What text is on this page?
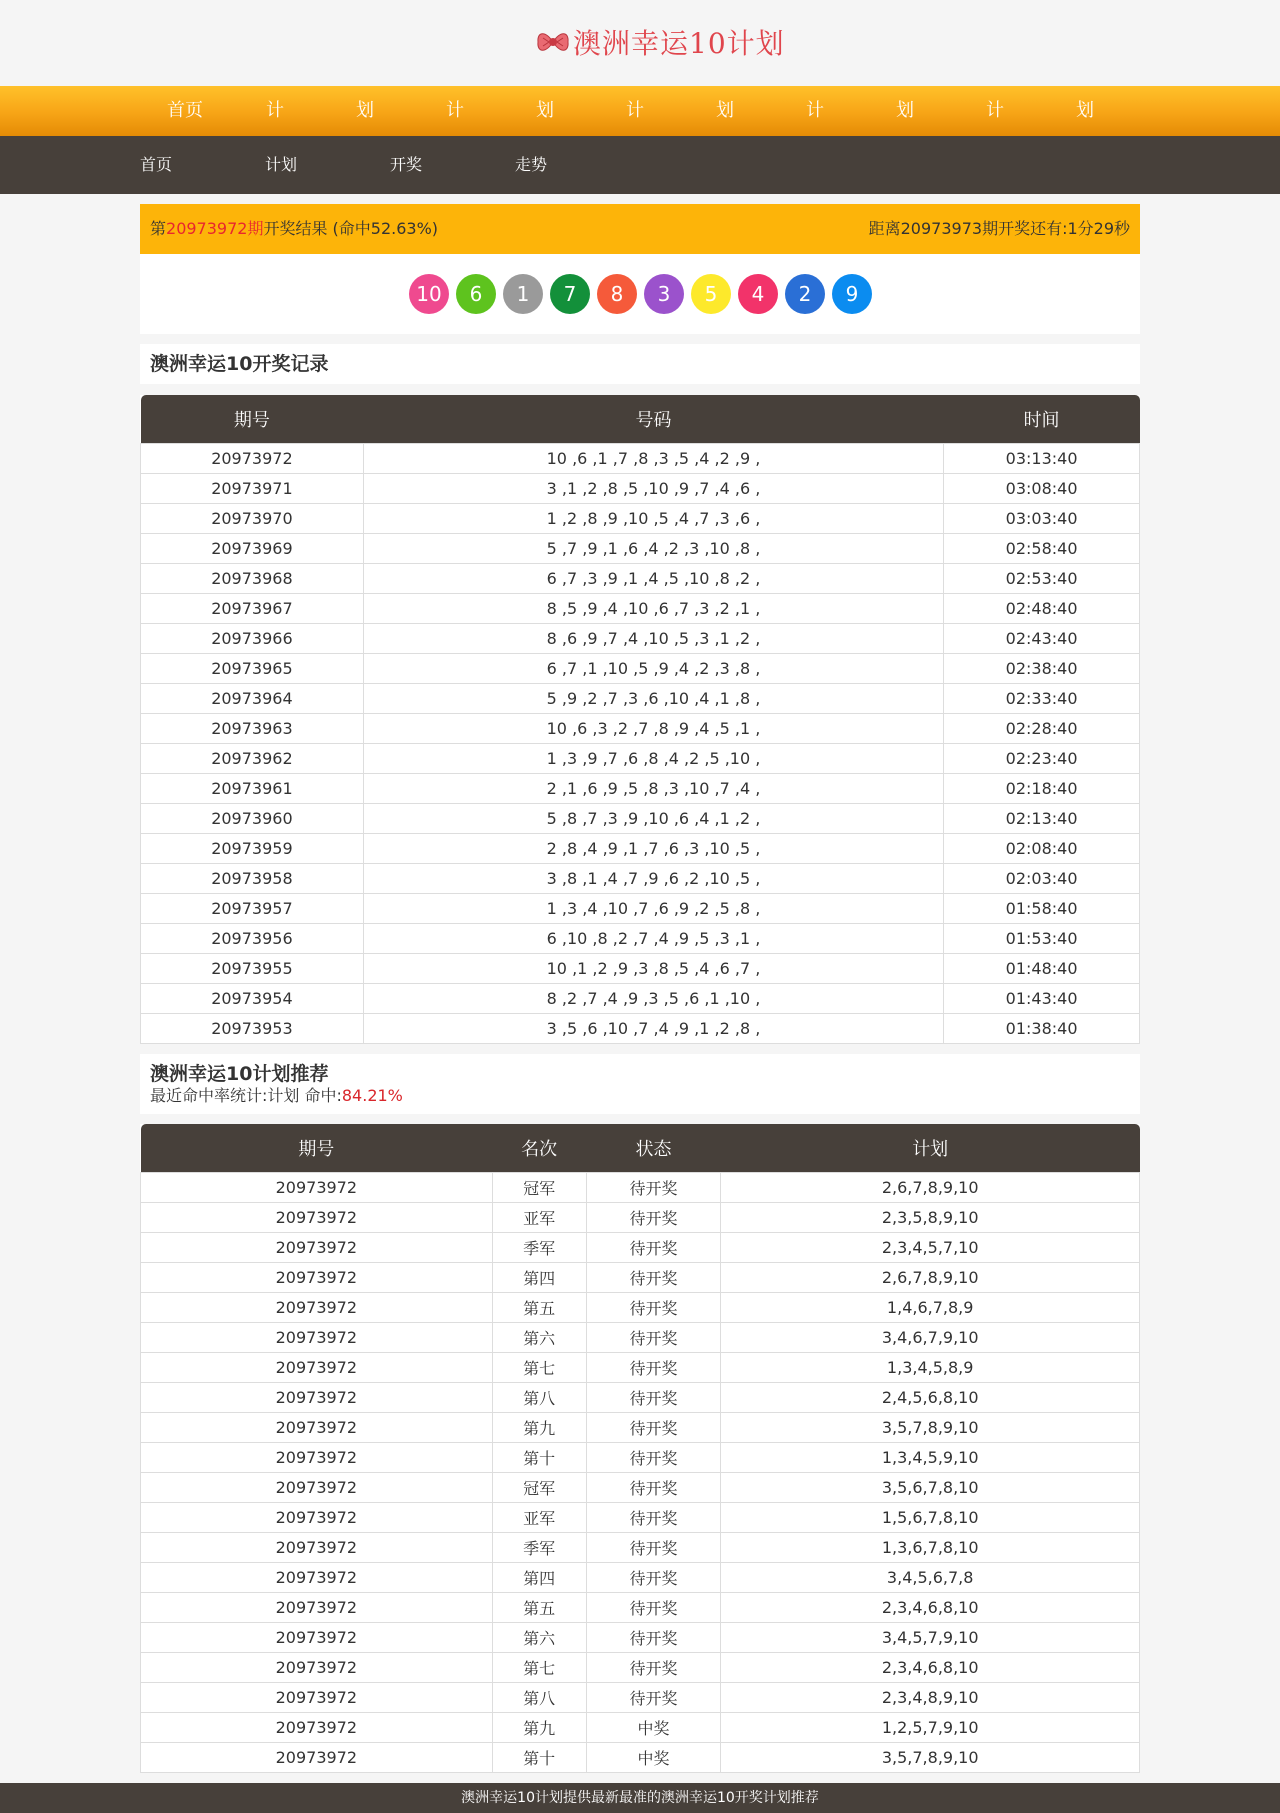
澳洲幸运10计划
首页	计	划	计	划	计	划	计	划	计	划
首页	计划	开奖	走势
第20973972期开奖结果 (命中52.63%)	距离20973973期开奖还有:1分29秒
10	6	1	7	8	3	5	4	2	9
澳洲幸运10开奖记录
期号	号码	时间
20973972	10 ,6 ,1 ,7 ,8 ,3 ,5 ,4 ,2 ,9 ,	03:13:40
20973971	3 ,1 ,2 ,8 ,5 ,10 ,9 ,7 ,4 ,6 ,	03:08:40
20973970	1 ,2 ,8 ,9 ,10 ,5 ,4 ,7 ,3 ,6 ,	03:03:40
20973969	5 ,7 ,9 ,1 ,6 ,4 ,2 ,3 ,10 ,8 ,	02:58:40
20973968	6 ,7 ,3 ,9 ,1 ,4 ,5 ,10 ,8 ,2 ,	02:53:40
20973967	8 ,5 ,9 ,4 ,10 ,6 ,7 ,3 ,2 ,1 ,	02:48:40
20973966	8 ,6 ,9 ,7 ,4 ,10 ,5 ,3 ,1 ,2 ,	02:43:40
20973965	6 ,7 ,1 ,10 ,5 ,9 ,4 ,2 ,3 ,8 ,	02:38:40
20973964	5 ,9 ,2 ,7 ,3 ,6 ,10 ,4 ,1 ,8 ,	02:33:40
20973963	10 ,6 ,3 ,2 ,7 ,8 ,9 ,4 ,5 ,1 ,	02:28:40
20973962	1 ,3 ,9 ,7 ,6 ,8 ,4 ,2 ,5 ,10 ,	02:23:40
20973961	2 ,1 ,6 ,9 ,5 ,8 ,3 ,10 ,7 ,4 ,	02:18:40
20973960	5 ,8 ,7 ,3 ,9 ,10 ,6 ,4 ,1 ,2 ,	02:13:40
20973959	2 ,8 ,4 ,9 ,1 ,7 ,6 ,3 ,10 ,5 ,	02:08:40
20973958	3 ,8 ,1 ,4 ,7 ,9 ,6 ,2 ,10 ,5 ,	02:03:40
20973957	1 ,3 ,4 ,10 ,7 ,6 ,9 ,2 ,5 ,8 ,	01:58:40
20973956	6 ,10 ,8 ,2 ,7 ,4 ,9 ,5 ,3 ,1 ,	01:53:40
20973955	10 ,1 ,2 ,9 ,3 ,8 ,5 ,4 ,6 ,7 ,	01:48:40
20973954	8 ,2 ,7 ,4 ,9 ,3 ,5 ,6 ,1 ,10 ,	01:43:40
20973953	3 ,5 ,6 ,10 ,7 ,4 ,9 ,1 ,2 ,8 ,	01:38:40
澳洲幸运10计划推荐
最近命中率统计:计划 命中:84.21%
期号	名次	状态	计划
20973972	冠军	待开奖	2,6,7,8,9,10
20973972	亚军	待开奖	2,3,5,8,9,10
20973972	季军	待开奖	2,3,4,5,7,10
20973972	第四	待开奖	2,6,7,8,9,10
20973972	第五	待开奖	1,4,6,7,8,9
20973972	第六	待开奖	3,4,6,7,9,10
20973972	第七	待开奖	1,3,4,5,8,9
20973972	第八	待开奖	2,4,5,6,8,10
20973972	第九	待开奖	3,5,7,8,9,10
20973972	第十	待开奖	1,3,4,5,9,10
20973972	冠军	待开奖	3,5,6,7,8,10
20973972	亚军	待开奖	1,5,6,7,8,10
20973972	季军	待开奖	1,3,6,7,8,10
20973972	第四	待开奖	3,4,5,6,7,8
20973972	第五	待开奖	2,3,4,6,8,10
20973972	第六	待开奖	3,4,5,7,9,10
20973972	第七	待开奖	2,3,4,6,8,10
20973972	第八	待开奖	2,3,4,8,9,10
20973972	第九	中奖	1,2,5,7,9,10
20973972	第十	中奖	3,5,7,8,9,10
澳洲幸运10计划提供最新最准的澳洲幸运10开奖计划推荐
